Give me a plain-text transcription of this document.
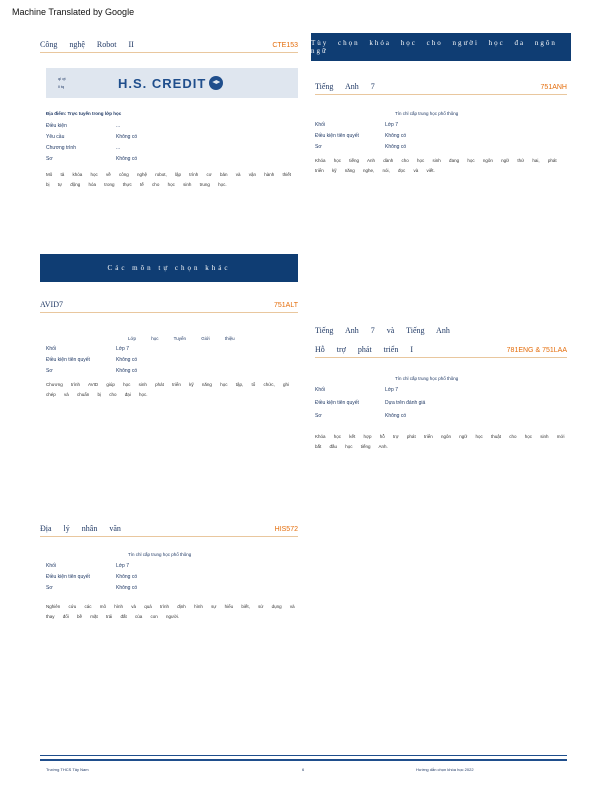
Machine Translated by Google
Công nghệ Robot II	CTE153
ql qt
ll tq	H.S. CREDIT
Địa điểm: Trực tuyến trong lớp học
Điều kiện	...
Yêu cầu	Không có
Chương trình	...
Sơ	Không có
Mô tả khóa học về công nghệ robot, lập trình cơ bản và vận hành thiết bị tự động hóa trong thực tế cho học sinh trung học.
Các môn tự chọn khác
AVID7	751ALT
Lớp học Tuyển Giới thiệu
Khối	Lớp 7
Điều kiện tiên quyết	Không có
Sơ	Không có
Chương trình AVID giúp học sinh phát triển kỹ năng học tập, tổ chức, ghi chép và chuẩn bị cho đại học.
Địa lý nhân văn	HIS572
Tín chỉ cấp trung học phổ thông
Khối	Lớp 7
Điều kiện tiên quyết	Không có
Sơ	Không có
Nghiên cứu các mô hình và quá trình định hình sự hiểu biết, sử dụng và thay đổi bề mặt trái đất của con người.
Tùy chọn khóa học cho người học đa ngôn ngữ
Tiếng Anh 7	751ANH
Tín chỉ cấp trung học phổ thông
Khối	Lớp 7
Điều kiện tiên quyết	Không có
Sơ	Không có
Khóa học tiếng Anh dành cho học sinh đang học ngôn ngữ thứ hai, phát triển kỹ năng nghe, nói, đọc và viết.
Tiếng Anh 7 và Tiếng Anh
Hỗ trợ phát triển I	781ENG & 751LAA
Tín chỉ cấp trung học phổ thông
Khối	Lớp 7
Điều kiện tiên quyết	Dựa trên đánh giá
Sơ	Không có
Khóa học kết hợp hỗ trợ phát triển ngôn ngữ học thuật cho học sinh mới bắt đầu học tiếng Anh.
Trường THCS Tây Nam	6	Hướng dẫn chọn khóa học 2022
